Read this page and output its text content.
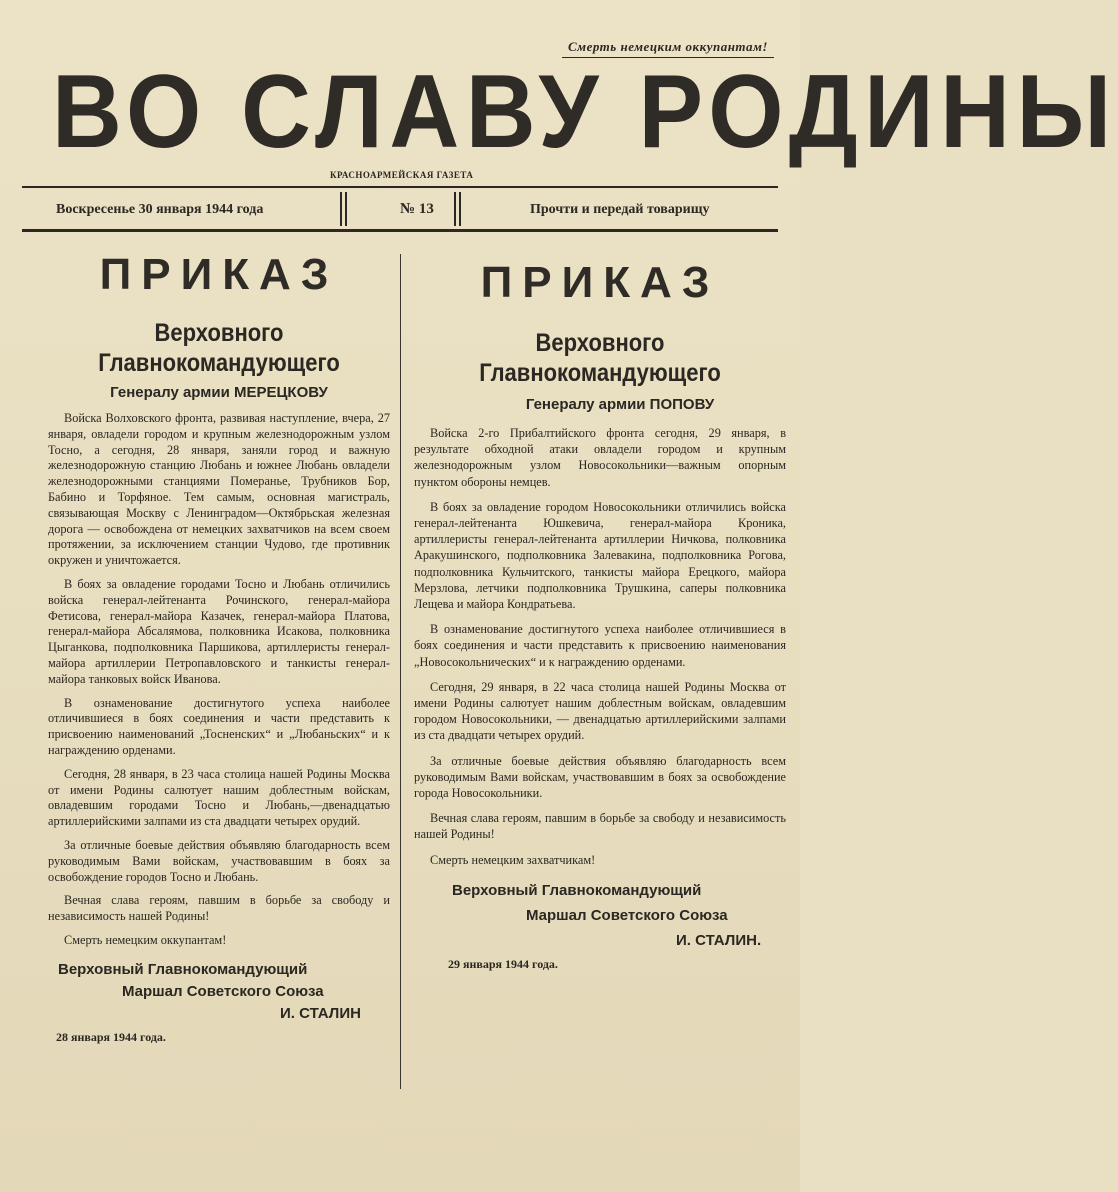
Смерть немецким оккупантам!
ВО СЛАВУ РОДИНЫ
КРАСНОАРМЕЙСКАЯ ГАЗЕТА
Воскресенье 30 января 1944 года	№ 13	Прочти и передай товарищу
ПРИКАЗ
Верховного Главнокомандующего
Генералу армии МЕРЕЦКОВУ

Войска Волховского фронта, развивая наступление, вчера, 27 января, овладели городом и крупным железнодорожным узлом Тосно, а сегодня, 28 января, заняли город и важную железнодорожную станцию Любань и южнее Любань овладели железнодорожными станциями Померанье, Трубников Бор, Бабино и Торфяное. Тем самым, основная магистраль, связывающая Москву с Ленинградом—Октябрьская железная дорога — освобождена от немецких захватчиков на всем своем протяжении, за исключением станции Чудово, где противник окружен и уничтожается.

В боях за овладение городами Тосно и Любань отличились войска генерал-лейтенанта Рочинского, генерал-майора Фетисова, генерал-майора Казачек, генерал-майора Платова, генерал-майора Абсалямова, полковника Исакова, полковника Цыганкова, подполковника Паршикова, артиллеристы генерал-майора артиллерии Петропавловского и танкисты генерал-майора танковых войск Иванова.

В ознаменование достигнутого успеха наиболее отличившиеся в боях соединения и части представить к присвоению наименований „Тосненских“ и „Любаньских“ и к награждению орденами.

Сегодня, 28 января, в 23 часа столица нашей Родины Москва от имени Родины салютует нашим доблестным войскам, овладевшим городами Тосно и Любань,—двенадцатью артиллерийскими залпами из ста двадцати четырех орудий.

За отличные боевые действия объявляю благодарность всем руководимым Вами войскам, участвовавшим в боях за освобождение городов Тосно и Любань.

Вечная слава героям, павшим в борьбе за свободу и независимость нашей Родины!

Смерть немецким оккупантам!

Верховный Главнокомандующий
Маршал Советского Союза
И. СТАЛИН
28 января 1944 года.
ПРИКАЗ
Верховного Главнокомандующего
Генералу армии ПОПОВУ

Войска 2-го Прибалтийского фронта сегодня, 29 января, в результате обходной атаки овладели городом и крупным железнодорожным узлом Новосокольники—важным опорным пунктом обороны немцев.

В боях за овладение городом Новосокольники отличились войска генерал-лейтенанта Юшкевича, генерал-майора Кроника, артиллеристы генерал-лейтенанта артиллерии Ничкова, полковника Аракушинского, подполковника Залевакина, подполковника Рогова, подполковника Кульчитского, танкисты майора Ерецкого, майора Мерзлова, летчики подполковника Трушкина, саперы полковника Лещева и майора Кондратьева.

В ознаменование достигнутого успеха наиболее отличившиеся в боях соединения и части представить к присвоению наименования „Новосокольнических“ и к награждению орденами.

Сегодня, 29 января, в 22 часа столица нашей Родины Москва от имени Родины салютует нашим доблестным войскам, овладевшим городом Новосокольники, — двенадцатью артиллерийскими залпами из ста двадцати четырех орудий.

За отличные боевые действия объявляю благодарность всем руководимым Вами войскам, участвовавшим в боях за освобождение города Новосокольники.

Вечная слава героям, павшим в борьбе за свободу и независимость нашей Родины!

Смерть немецким захватчикам!

Верховный Главнокомандующий
Маршал Советского Союза
И. СТАЛИН.
29 января 1944 года.
